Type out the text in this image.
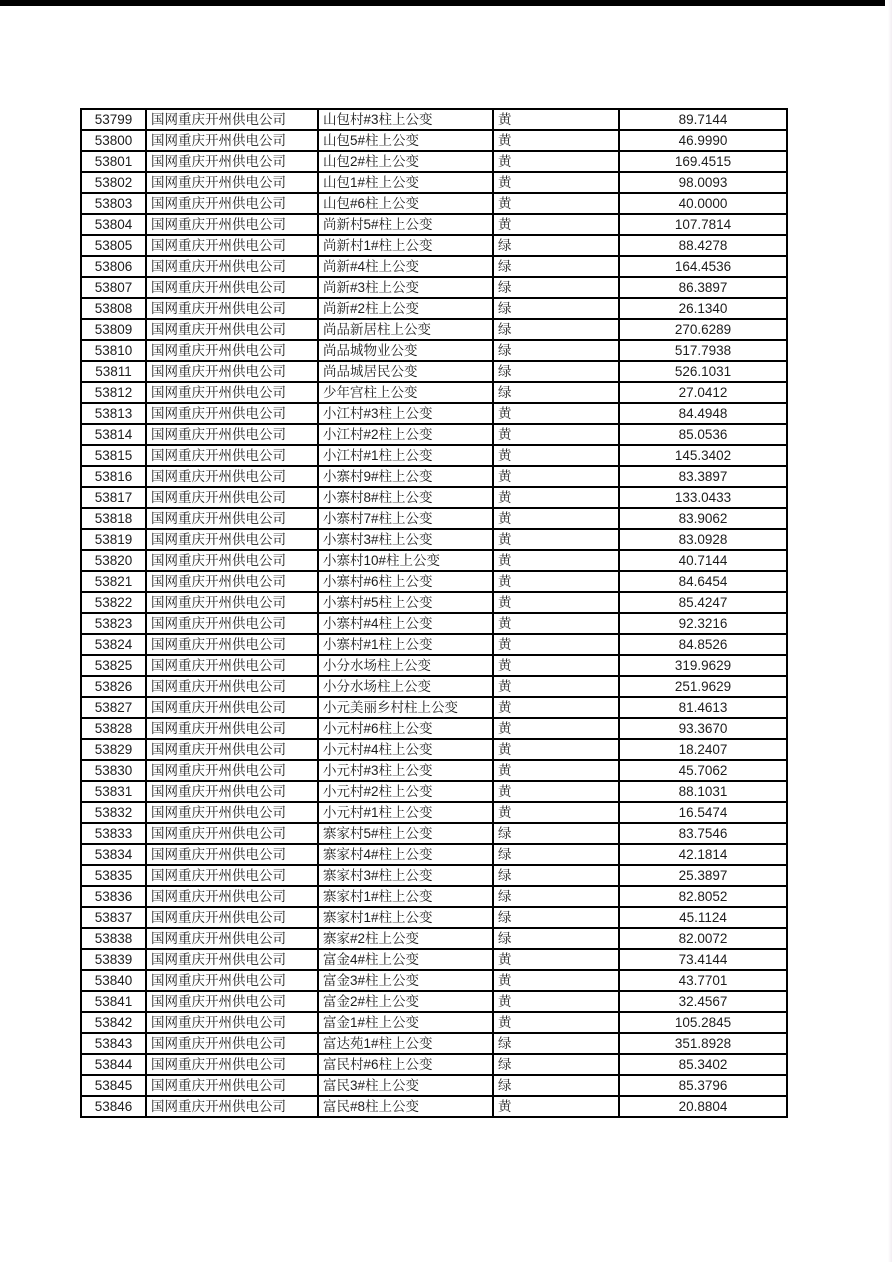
53799	国网重庆开州供电公司	山包村#3柱上公变	黄	89.7144
53800	国网重庆开州供电公司	山包5#柱上公变	黄	46.9990
53801	国网重庆开州供电公司	山包2#柱上公变	黄	169.4515
53802	国网重庆开州供电公司	山包1#柱上公变	黄	98.0093
53803	国网重庆开州供电公司	山包#6柱上公变	黄	40.0000
53804	国网重庆开州供电公司	尚新村5#柱上公变	黄	107.7814
53805	国网重庆开州供电公司	尚新村1#柱上公变	绿	88.4278
53806	国网重庆开州供电公司	尚新#4柱上公变	绿	164.4536
53807	国网重庆开州供电公司	尚新#3柱上公变	绿	86.3897
53808	国网重庆开州供电公司	尚新#2柱上公变	绿	26.1340
53809	国网重庆开州供电公司	尚品新居柱上公变	绿	270.6289
53810	国网重庆开州供电公司	尚品城物业公变	绿	517.7938
53811	国网重庆开州供电公司	尚品城居民公变	绿	526.1031
53812	国网重庆开州供电公司	少年宫柱上公变	绿	27.0412
53813	国网重庆开州供电公司	小江村#3柱上公变	黄	84.4948
53814	国网重庆开州供电公司	小江村#2柱上公变	黄	85.0536
53815	国网重庆开州供电公司	小江村#1柱上公变	黄	145.3402
53816	国网重庆开州供电公司	小寨村9#柱上公变	黄	83.3897
53817	国网重庆开州供电公司	小寨村8#柱上公变	黄	133.0433
53818	国网重庆开州供电公司	小寨村7#柱上公变	黄	83.9062
53819	国网重庆开州供电公司	小寨村3#柱上公变	黄	83.0928
53820	国网重庆开州供电公司	小寨村10#柱上公变	黄	40.7144
53821	国网重庆开州供电公司	小寨村#6柱上公变	黄	84.6454
53822	国网重庆开州供电公司	小寨村#5柱上公变	黄	85.4247
53823	国网重庆开州供电公司	小寨村#4柱上公变	黄	92.3216
53824	国网重庆开州供电公司	小寨村#1柱上公变	黄	84.8526
53825	国网重庆开州供电公司	小分水场柱上公变	黄	319.9629
53826	国网重庆开州供电公司	小分水场柱上公变	黄	251.9629
53827	国网重庆开州供电公司	小元美丽乡村柱上公变	黄	81.4613
53828	国网重庆开州供电公司	小元村#6柱上公变	黄	93.3670
53829	国网重庆开州供电公司	小元村#4柱上公变	黄	18.2407
53830	国网重庆开州供电公司	小元村#3柱上公变	黄	45.7062
53831	国网重庆开州供电公司	小元村#2柱上公变	黄	88.1031
53832	国网重庆开州供电公司	小元村#1柱上公变	黄	16.5474
53833	国网重庆开州供电公司	寨家村5#柱上公变	绿	83.7546
53834	国网重庆开州供电公司	寨家村4#柱上公变	绿	42.1814
53835	国网重庆开州供电公司	寨家村3#柱上公变	绿	25.3897
53836	国网重庆开州供电公司	寨家村1#柱上公变	绿	82.8052
53837	国网重庆开州供电公司	寨家村1#柱上公变	绿	45.1124
53838	国网重庆开州供电公司	寨家#2柱上公变	绿	82.0072
53839	国网重庆开州供电公司	富金4#柱上公变	黄	73.4144
53840	国网重庆开州供电公司	富金3#柱上公变	黄	43.7701
53841	国网重庆开州供电公司	富金2#柱上公变	黄	32.4567
53842	国网重庆开州供电公司	富金1#柱上公变	黄	105.2845
53843	国网重庆开州供电公司	富达苑1#柱上公变	绿	351.8928
53844	国网重庆开州供电公司	富民村#6柱上公变	绿	85.3402
53845	国网重庆开州供电公司	富民3#柱上公变	绿	85.3796
53846	国网重庆开州供电公司	富民#8柱上公变	黄	20.8804
